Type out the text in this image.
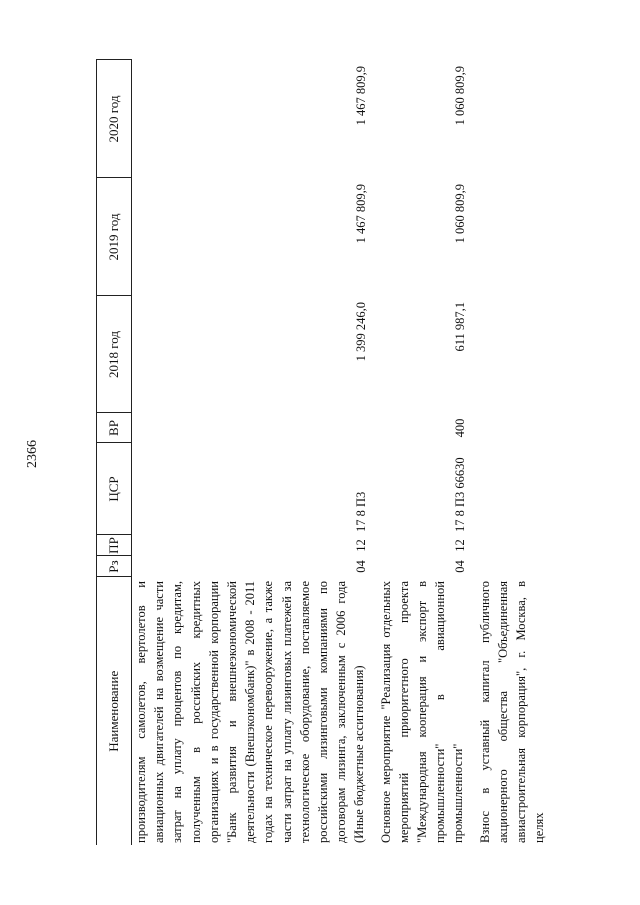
2366
Наименование	Рз	ПР	ЦСР	ВР	2018 год	2019 год	2020 год
производителям самолетов, вертолетов и авиационных двигателей на возмещение части затрат на уплату процентов по кредитам, полученным в российских кредитных организациях и в государственной корпорации "Банк развития и внешнеэкономической деятельности (Внешэкономбанк)" в 2008 - 2011 годах на техническое перевооружение, а также части затрат на уплату лизинговых платежей за технологическое оборудование, поставляемое российскими лизинговыми компаниями по договорам лизинга, заключенным с 2006 года (Иные бюджетные ассигнования)	04	12	17 8 П3		1 399 246,0	1 467 809,9	1 467 809,9
Основное мероприятие "Реализация отдельных мероприятий приоритетного проекта "Международная кооперация и экспорт в промышленности" в авиационной промышленности"	04	12	17 8 П3 66630	400	611 987,1	1 060 809,9	1 060 809,9
Взнос в уставный капитал публичного акционерного общества "Объединенная авиастроительная корпорация", г. Москва, в целях							
